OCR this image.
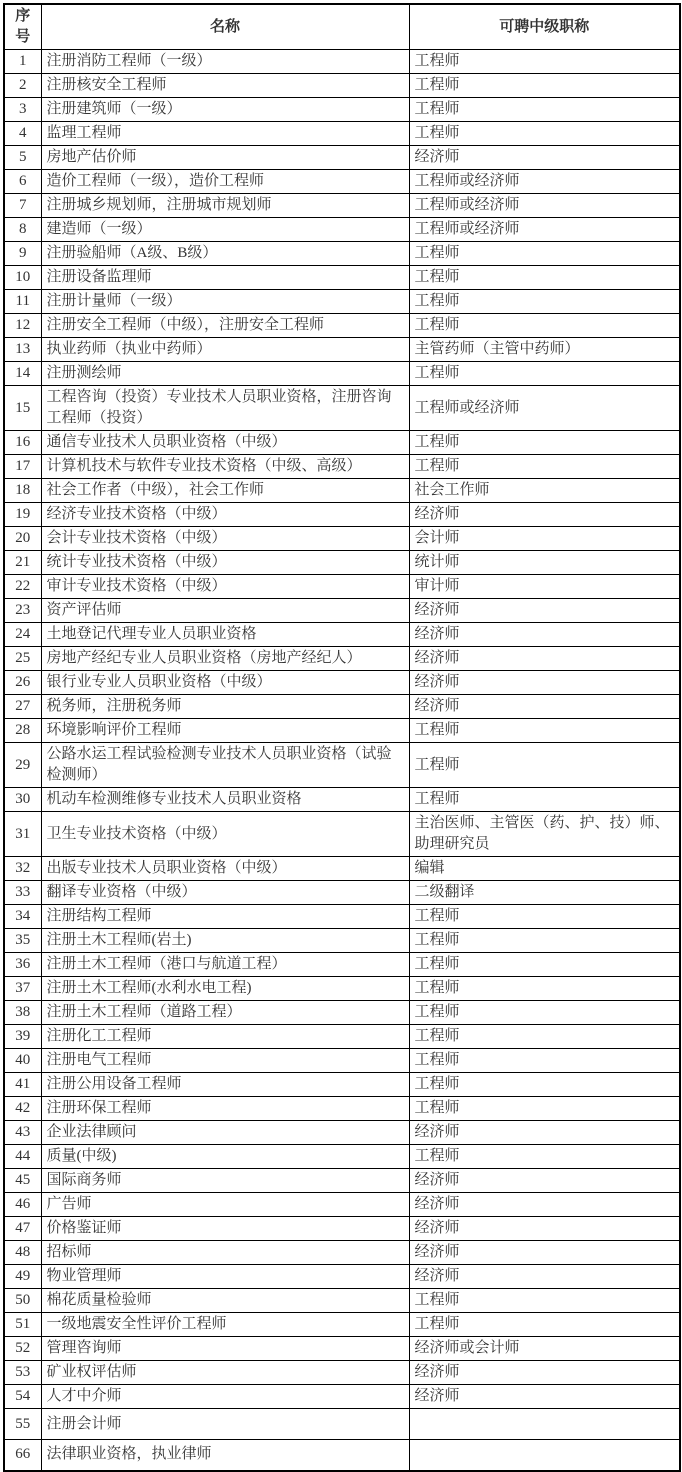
序号	名称	可聘中级职称
1	注册消防工程师（一级）	工程师
2	注册核安全工程师	工程师
3	注册建筑师（一级）	工程师
4	监理工程师	工程师
5	房地产估价师	经济师
6	造价工程师（一级），造价工程师	工程师或经济师
7	注册城乡规划师，注册城市规划师	工程师或经济师
8	建造师（一级）	工程师或经济师
9	注册验船师（A级、B级）	工程师
10	注册设备监理师	工程师
11	注册计量师（一级）	工程师
12	注册安全工程师（中级），注册安全工程师	工程师
13	执业药师（执业中药师）	主管药师（主管中药师）
14	注册测绘师	工程师
15	工程咨询（投资）专业技术人员职业资格，注册咨询工程师（投资）	工程师或经济师
16	通信专业技术人员职业资格（中级）	工程师
17	计算机技术与软件专业技术资格（中级、高级）	工程师
18	社会工作者（中级），社会工作师	社会工作师
19	经济专业技术资格（中级）	经济师
20	会计专业技术资格（中级）	会计师
21	统计专业技术资格（中级）	统计师
22	审计专业技术资格（中级）	审计师
23	资产评估师	经济师
24	土地登记代理专业人员职业资格	经济师
25	房地产经纪专业人员职业资格（房地产经纪人）	经济师
26	银行业专业人员职业资格（中级）	经济师
27	税务师，注册税务师	经济师
28	环境影响评价工程师	工程师
29	公路水运工程试验检测专业技术人员职业资格（试验检测师）	工程师
30	机动车检测维修专业技术人员职业资格	工程师
31	卫生专业技术资格（中级）	主治医师、主管医（药、护、技）师、助理研究员
32	出版专业技术人员职业资格（中级）	编辑
33	翻译专业资格（中级）	二级翻译
34	注册结构工程师	工程师
35	注册土木工程师(岩土)	工程师
36	注册土木工程师（港口与航道工程）	工程师
37	注册土木工程师(水利水电工程)	工程师
38	注册土木工程师（道路工程）	工程师
39	注册化工工程师	工程师
40	注册电气工程师	工程师
41	注册公用设备工程师	工程师
42	注册环保工程师	工程师
43	企业法律顾问	经济师
44	质量(中级)	工程师
45	国际商务师	经济师
46	广告师	经济师
47	价格鉴证师	经济师
48	招标师	经济师
49	物业管理师	经济师
50	棉花质量检验师	工程师
51	一级地震安全性评价工程师	工程师
52	管理咨询师	经济师或会计师
53	矿业权评估师	经济师
54	人才中介师	经济师
55	注册会计师	
66	法律职业资格，执业律师	
